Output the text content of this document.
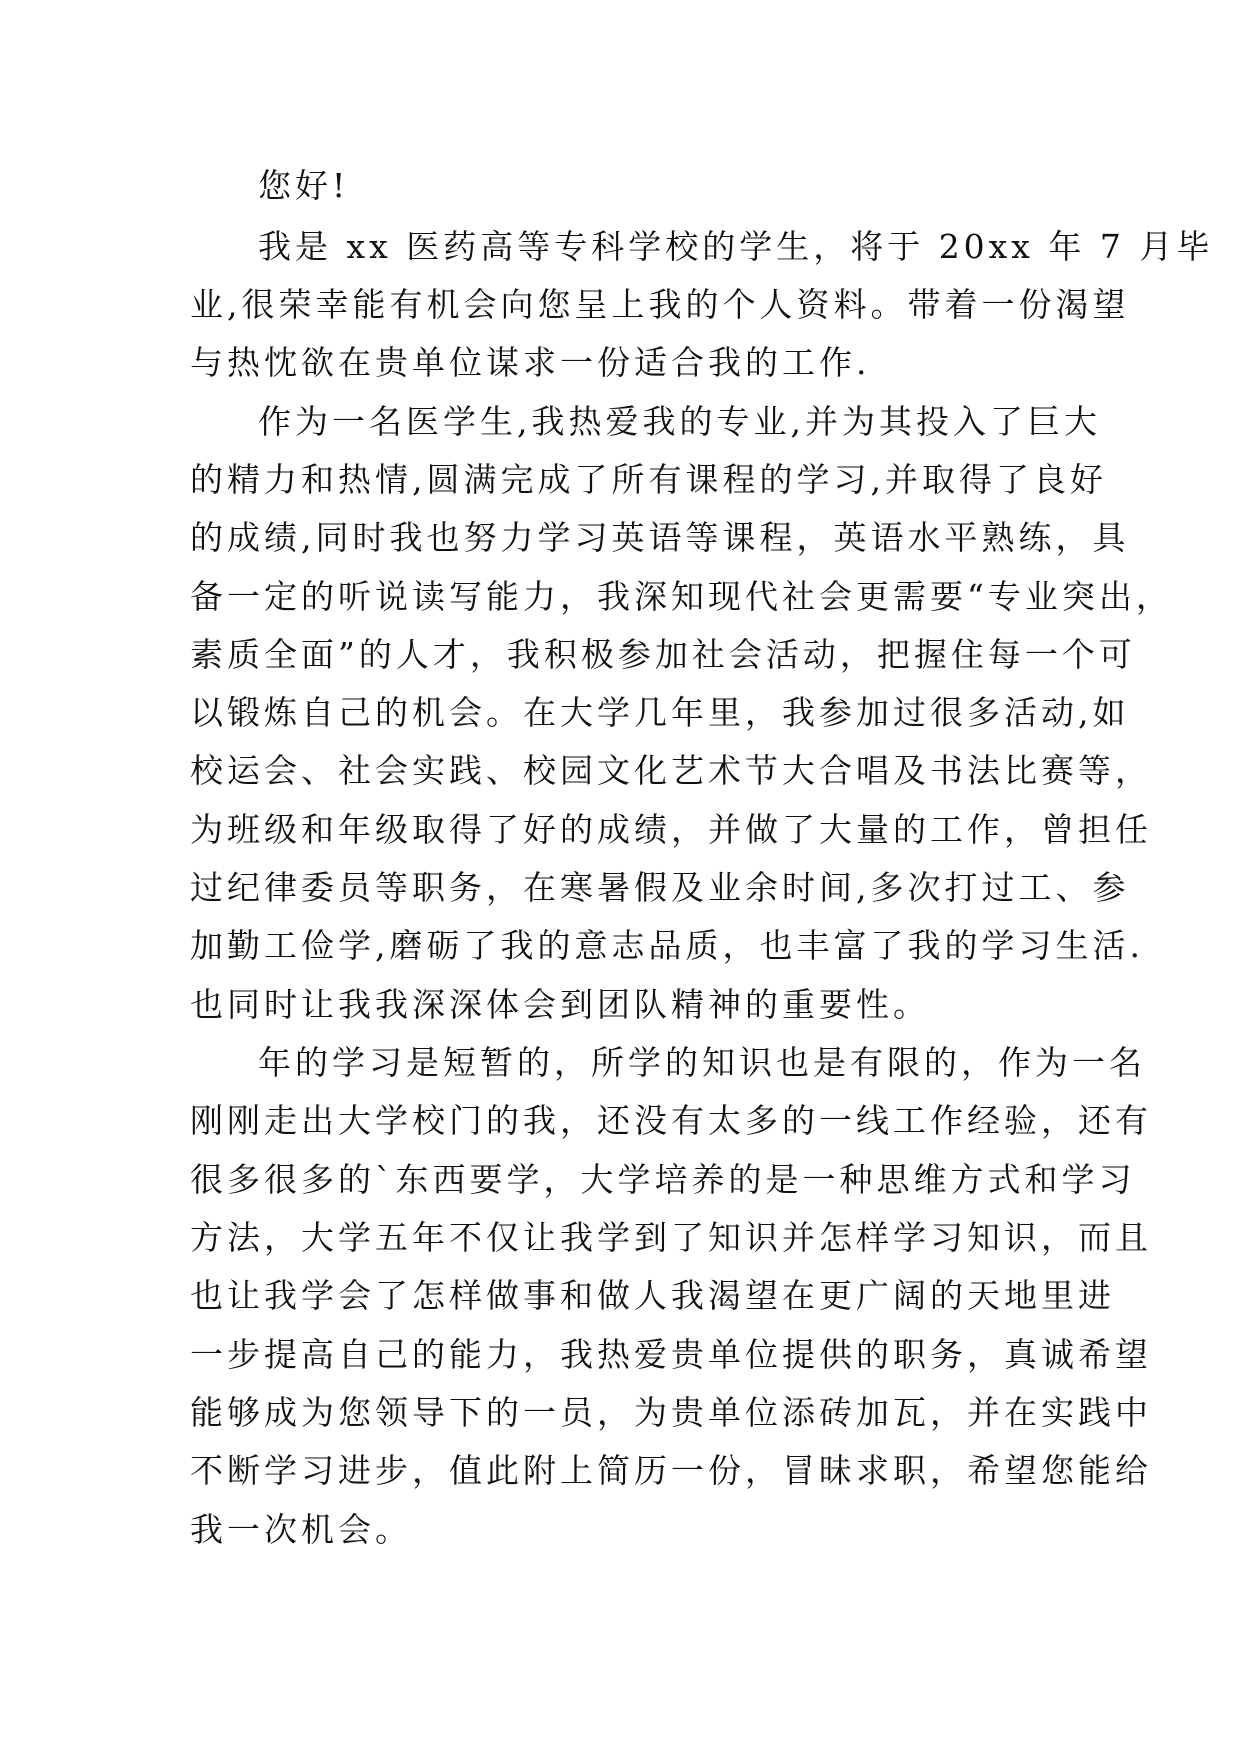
您好!
我是 xx 医药高等专科学校的学生，将于 20xx 年 7 月毕
业,很荣幸能有机会向您呈上我的个人资料。带着一份渴望
与热忱欲在贵单位谋求一份适合我的工作.
作为一名医学生,我热爱我的专业,并为其投入了巨大
的精力和热情,圆满完成了所有课程的学习,并取得了良好
的成绩,同时我也努力学习英语等课程，英语水平熟练，具
备一定的听说读写能力，我深知现代社会更需要“专业突出，
素质全面”的人才，我积极参加社会活动，把握住每一个可
以锻炼自己的机会。在大学几年里，我参加过很多活动,如
校运会、社会实践、校园文化艺术节大合唱及书法比赛等，
为班级和年级取得了好的成绩，并做了大量的工作，曾担任
过纪律委员等职务，在寒暑假及业余时间,多次打过工、参
加勤工俭学,磨砺了我的意志品质，也丰富了我的学习生活.
也同时让我我深深体会到团队精神的重要性。
年的学习是短暂的，所学的知识也是有限的，作为一名
刚刚走出大学校门的我，还没有太多的一线工作经验，还有
很多很多的`东西要学，大学培养的是一种思维方式和学习
方法，大学五年不仅让我学到了知识并怎样学习知识，而且
也让我学会了怎样做事和做人我渴望在更广阔的天地里进
一步提高自己的能力，我热爱贵单位提供的职务，真诚希望
能够成为您领导下的一员，为贵单位添砖加瓦，并在实践中
不断学习进步，值此附上简历一份，冒昧求职，希望您能给
我一次机会。
